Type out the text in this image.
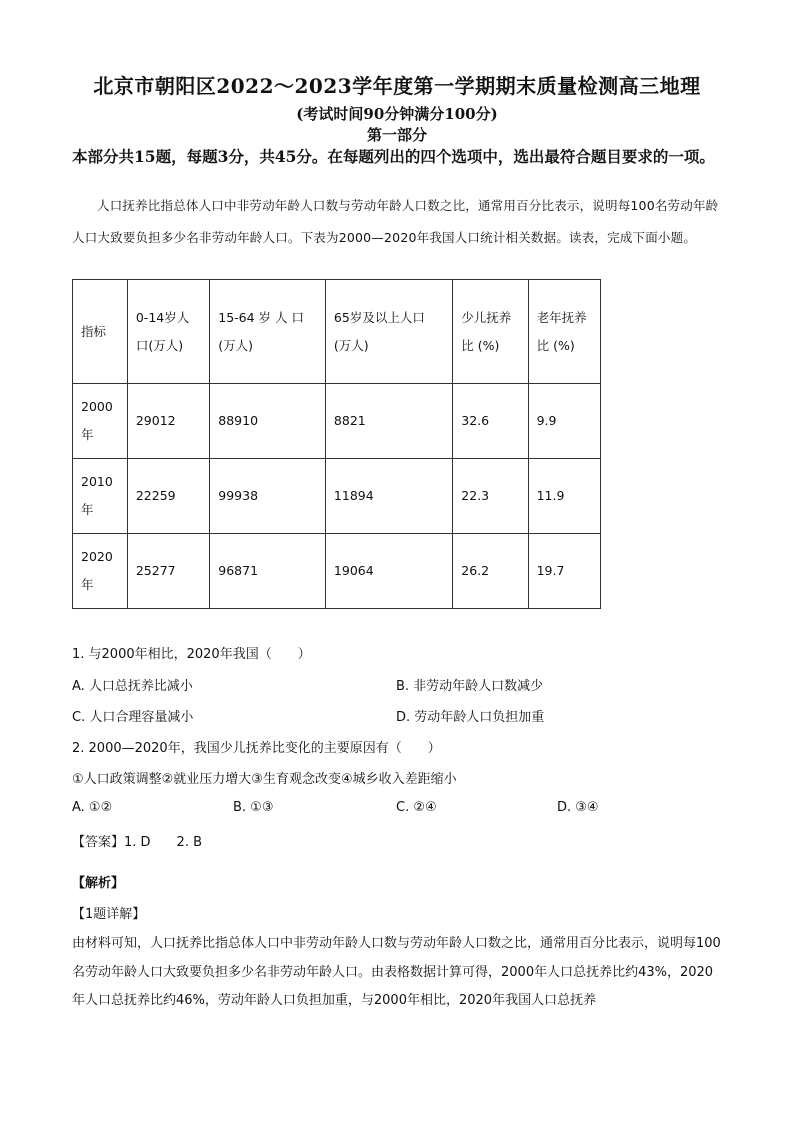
北京市朝阳区2022～2023学年度第一学期期末质量检测高三地理
(考试时间90分钟满分100分)
第一部分
本部分共15题，每题3分，共45分。在每题列出的四个选项中，选出最符合题目要求的一项。
人口抚养比指总体人口中非劳动年龄人口数与劳动年龄人口数之比，通常用百分比表示，说明每100名劳动年龄人口大致要负担多少名非劳动年龄人口。下表为2000—2020年我国人口统计相关数据。读表，完成下面小题。
指标	0-14岁人口(万人)	15-64 岁 人 口 (万人)	65岁及以上人口 (万人)	少儿抚养比 (%)	老年抚养比 (%)
2000年	29012	88910	8821	32.6	9.9
2010年	22259	99938	11894	22.3	11.9
2020年	25277	96871	19064	26.2	19.7
1. 与2000年相比，2020年我国（　　）
A. 人口总抚养比减小	B. 非劳动年龄人口数减少
C. 人口合理容量减小	D. 劳动年龄人口负担加重
2. 2000—2020年，我国少儿抚养比变化的主要原因有（　　）
①人口政策调整②就业压力增大③生育观念改变④城乡收入差距缩小
A. ①②	B. ①③	C. ②④	D. ③④
【答案】1. D　　2. B
【解析】
【1题详解】
由材料可知，人口抚养比指总体人口中非劳动年龄人口数与劳动年龄人口数之比，通常用百分比表示，说明每100名劳动年龄人口大致要负担多少名非劳动年龄人口。由表格数据计算可得，2000年人口总抚养比约43%，2020年人口总抚养比约46%，劳动年龄人口负担加重，与2000年相比，2020年我国人口总抚养
